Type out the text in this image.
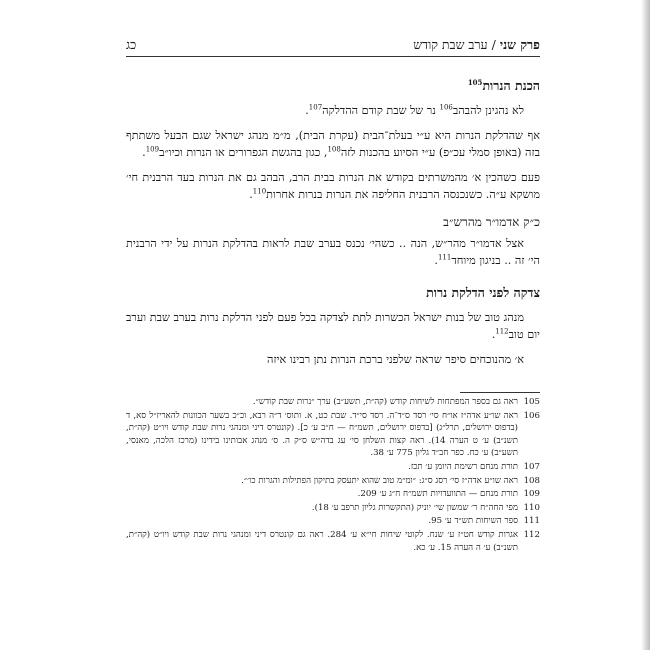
פרק שני / ערב שבת קודש
כג
הכנת הנרות$^{105}$

לא נהגינן להבהב$^{106}$ נר של שבת קודם ההדלקה$^{107}$.

אף שהדלקת הנרות היא ע״י בעלת־הבית (עקרת הבית), מ״מ מנהג ישראל שגם הבעל משתתף בזה (באופן סמלי עכ״פ) ע״י הסיוע בהכנות לזה$^{108}$, כגון בהגשת הגפרורים או הנרות וכיו״ב$^{109}$.

פעם כשהכין א׳ מהמשרתים בקודש את הנרות בבית הרב, הבהב גם את הנרות בעד הרבנית חי׳ מושקא ע״ה. כשנכנסה הרבנית החליפה את הנרות בנרות אחרות$^{110}$.

כ״ק אדמו״ר מהרש״ב

אצל אדמו״ר מהר״ש, הנה .. כשהי׳ נכנס בערב שבת לראות בהדלקת הנרות על ידי הרבנית הי׳ זה .. בניגון מיוחד$^{111}$.

צדקה לפני הדלקת נרות

מנהג טוב של בנות ישראל הכשרות לתת לצדקה בכל פעם לפני הדלקת נרות בערב שבת וערב יום טוב$^{112}$.

א׳ מהנוכחים סיפר שראה שלפני ברכת הנרות נתן רבינו איזה

105
ראה גם בספר המפתחות לשיחות קודש (קה״ת, תשע״ב) ערך ״נרות שבת קודש״.
106
ראה שו״ע אדה״ז או״ח סי׳ רסד ס״ד־ה. רסד סי״ד. שבת כט, א. ותוס׳ ד״ה רבא, וכ״כ בשער הכוונות להאריז״ל סא, ד (בדפוס ירושלים, תרל״ג) [בדפוס ירושלים, תשמ״ח — ח״ב ע׳ כ]. (קונטרס דיני ומנהגי נרות שבת קודש ויו״ט (קה״ת, תשנ״ב) ע׳ ט הערה 14). ראה קצות השלחן סי׳ עג בדה״ש ס״ק ה. ס׳ מנהג אבותינו בידינו (מרכז הלכה, מאנסי, תשע״ב) ע׳ כח. כפר חב״ד גליון 775 ע׳ 38.
107
תורת מנחם רשימת היומן ע׳ תכז.
108
ראה שו״ע אדה״ז סי׳ רסג ס״ג: ״ומ״מ טוב שהוא יתעסק בתיקון הפתילות והגרות כו׳״.
109
תורת מנחם — התוועדויות תשמ״ח ח״ג ע׳ 209.
110
מפי החה״ח ר׳ שמשון שי׳ יוניק (התקשרות גליון תרפב ע׳ 18).
111
ספר השיחות תש״ד ע׳ 95.
112
אגרות קודש חט״ז ע׳ שנח. לקוטי שיחות חי״א ע׳ 284. ראה גם קונטרס דיני ומנהגי נרות שבת קודש ויו״ט (קה״ת, תשנ״ב) ע׳ ה הערה 15. ע׳ כא.
